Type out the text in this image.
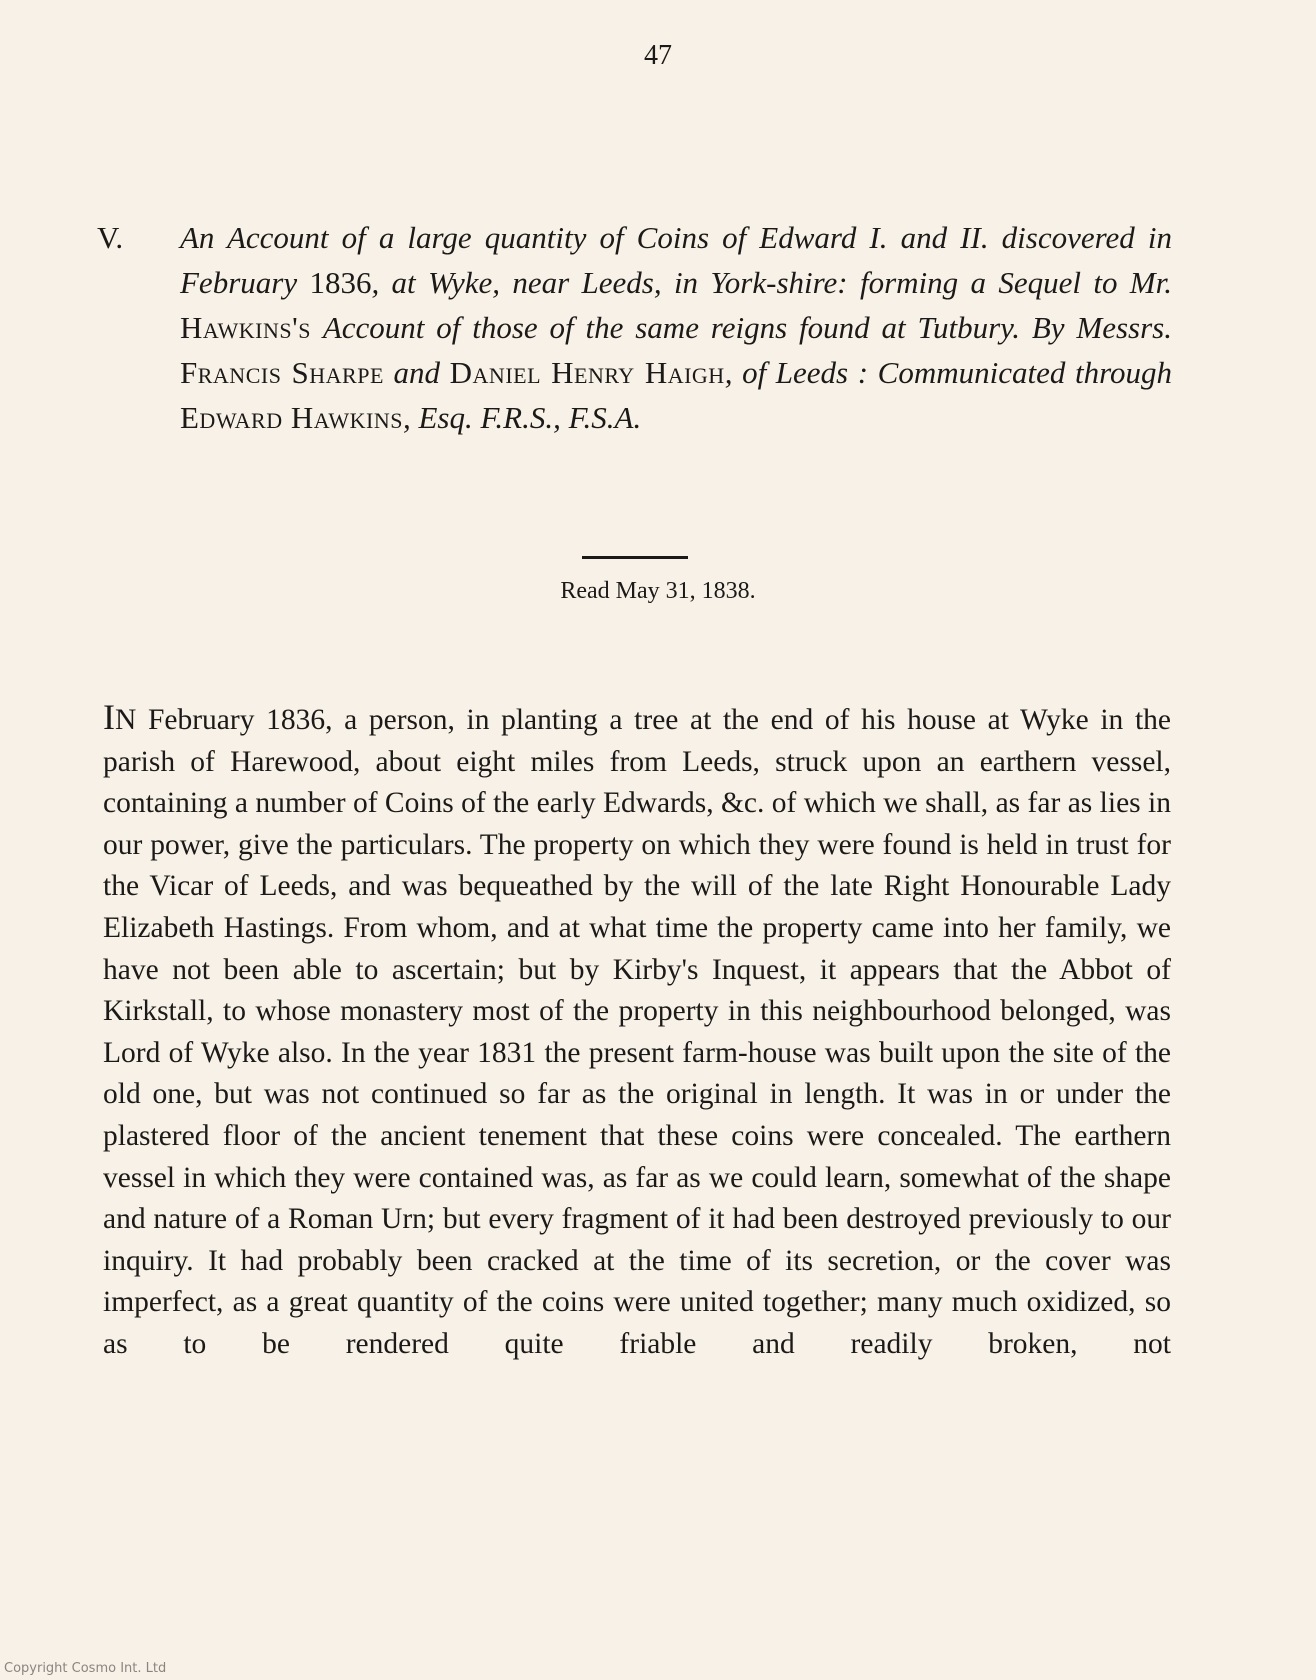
47
V. An Account of a large quantity of Coins of Edward I. and II. discovered in February 1836, at Wyke, near Leeds, in York-shire: forming a Sequel to Mr. Hawkins's Account of those of the same reigns found at Tutbury. By Messrs. Francis Sharpe and Daniel Henry Haigh, of Leeds : Communicated through Edward Hawkins, Esq. F.R.S., F.S.A.
Read May 31, 1838.
IN February 1836, a person, in planting a tree at the end of his house at Wyke in the parish of Harewood, about eight miles from Leeds, struck upon an earthern vessel, containing a number of Coins of the early Edwards, &c. of which we shall, as far as lies in our power, give the particulars. The property on which they were found is held in trust for the Vicar of Leeds, and was bequeathed by the will of the late Right Honourable Lady Elizabeth Hastings. From whom, and at what time the property came into her family, we have not been able to ascertain; but by Kirby's Inquest, it appears that the Abbot of Kirkstall, to whose monastery most of the property in this neighbourhood belonged, was Lord of Wyke also. In the year 1831 the present farm-house was built upon the site of the old one, but was not continued so far as the original in length. It was in or under the plastered floor of the ancient tenement that these coins were concealed. The earthern vessel in which they were contained was, as far as we could learn, somewhat of the shape and nature of a Roman Urn; but every fragment of it had been destroyed previously to our inquiry. It had probably been cracked at the time of its secretion, or the cover was imperfect, as a great quantity of the coins were united together; many much oxidized, so as to be rendered quite friable and readily broken, not
Copyright Cosmo Int. Ltd
